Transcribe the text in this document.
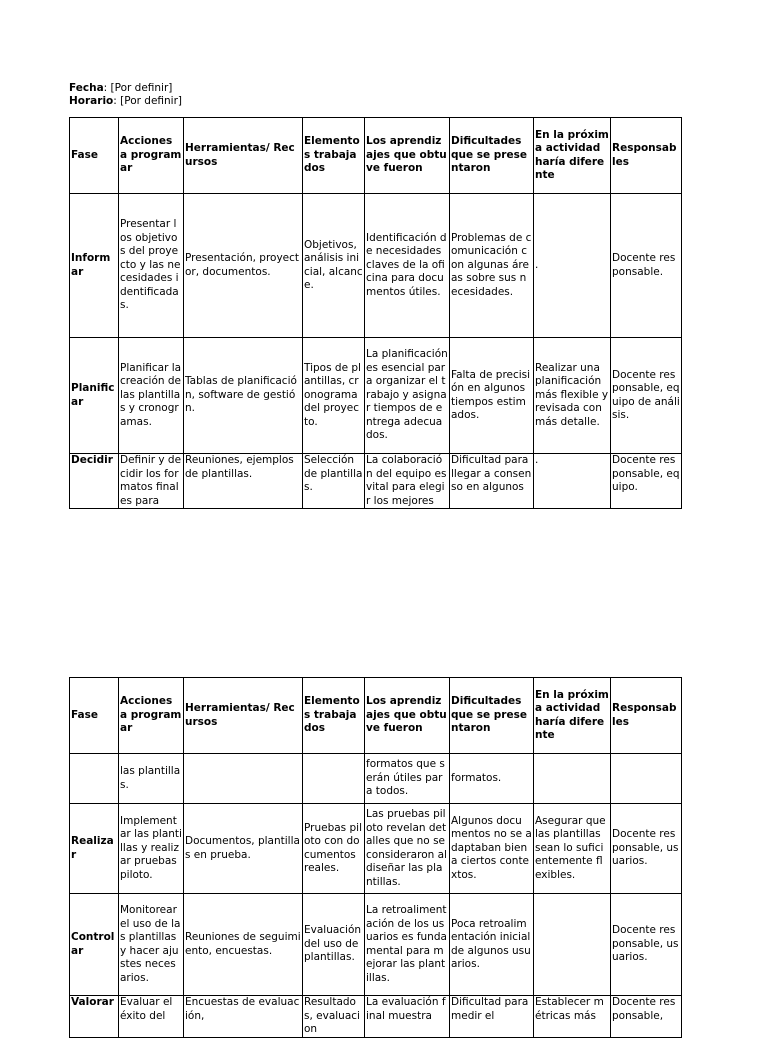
Fecha: [Por definir]
Horario: [Por definir]
Fase	Acciones a programar	Herramientas/ Recursos	Elementos trabajados	Los aprendizajes que obtuve fueron	Dificultades que se presentaron	En la próxima actividad haría diferente	Responsables
Informar	Presentar los objetivos del proyecto y las necesidades identificadas.	Presentación, proyector, documentos.	Objetivos, análisis inicial, alcance.	Identificación de necesidades claves de la oficina para documentos útiles.	Problemas de comunicación con algunas áreas sobre sus necesidades.	.	Docente responsable.
Planificar	Planificar la creación de las plantillas y cronogramas.	Tablas de planificación, software de gestión.	Tipos de plantillas, cronograma del proyecto.	La planificación es esencial para organizar el trabajo y asignar tiempos de entrega adecuados.	Falta de precisión en algunos tiempos estimados.	Realizar una planificación más flexible y revisada con más detalle.	Docente responsable, equipo de análisis.
Decidir	Definir y decidir los formatos finales para	Reuniones, ejemplos de plantillas.	Selección de plantillas.	La colaboración del equipo es vital para elegir los mejores	Dificultad para llegar a consenso en algunos	.	Docente responsable, equipo.
Fase	Acciones a programar	Herramientas/ Recursos	Elementos trabajados	Los aprendizajes que obtuve fueron	Dificultades que se presentaron	En la próxima actividad haría diferente	Responsables
	las plantillas.			formatos que serán útiles para todos.	formatos.		
Realizar	Implementar las plantillas y realizar pruebas piloto.	Documentos, plantillas en prueba.	Pruebas piloto con documentos reales.	Las pruebas piloto revelan detalles que no se consideraron al diseñar las plantillas.	Algunos documentos no se adaptaban bien a ciertos contextos.	Asegurar que las plantillas sean lo suficientemente flexibles.	Docente responsable, usuarios.
Controlar	Monitorear el uso de las plantillas y hacer ajustes necesarios.	Reuniones de seguimiento, encuestas.	Evaluación del uso de plantillas.	La retroalimentación de los usuarios es fundamental para mejorar las plantillas.	Poca retroalimentación inicial de algunos usuarios.		Docente responsable, usuarios.
Valorar	Evaluar el éxito del	Encuestas de evaluación,	Resultados, evaluacion	La evaluación final muestra	Dificultad para medir el	Establecer métricas más	Docente responsable,
